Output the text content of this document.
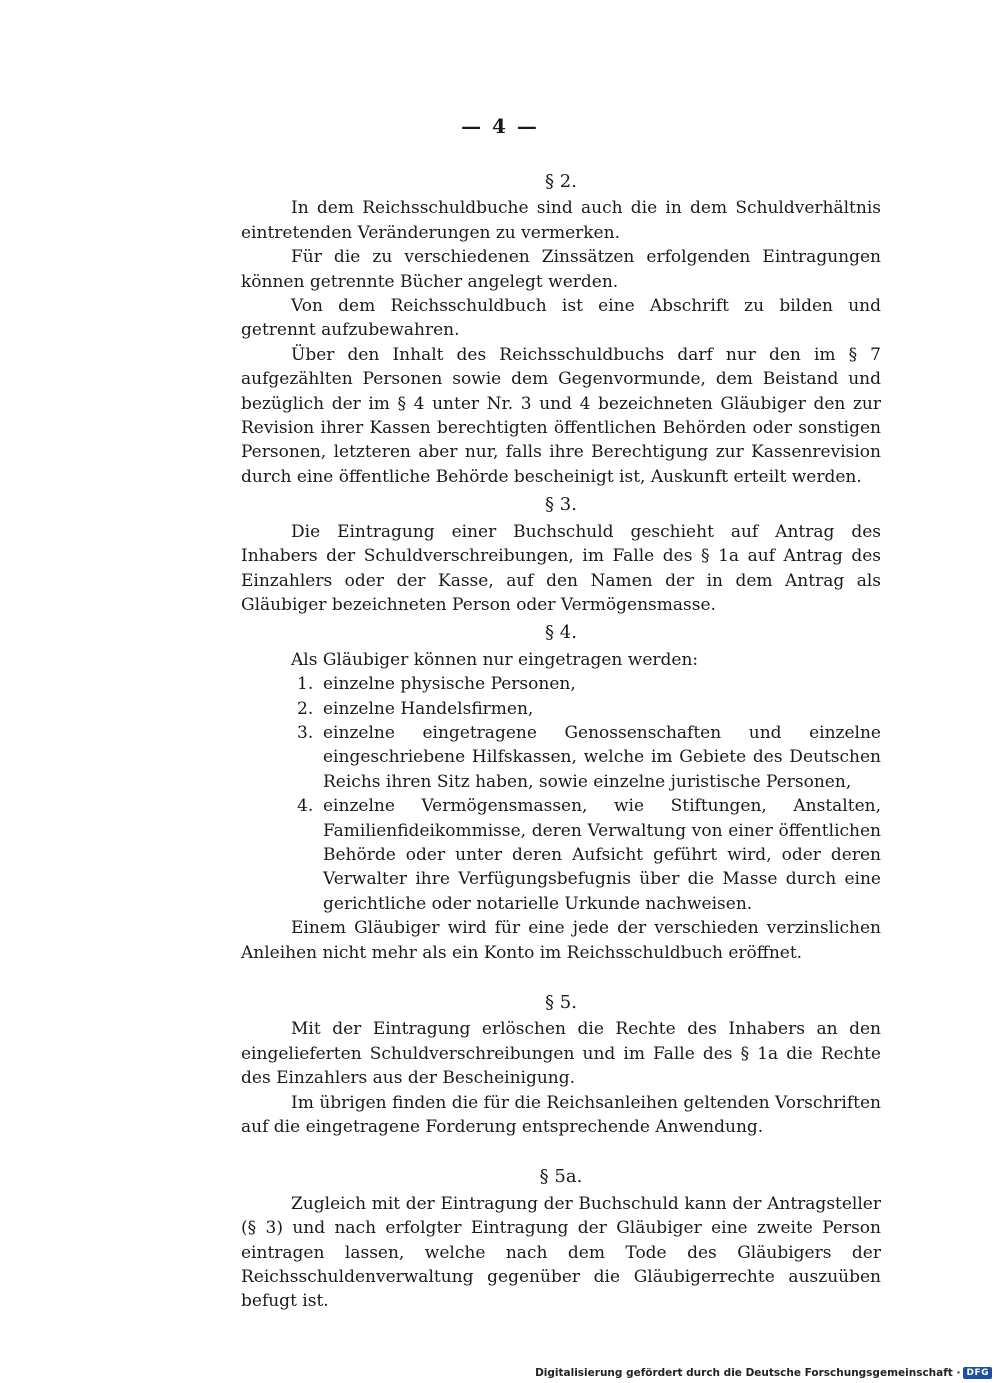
— 4 —
§ 2.

In dem Reichsschuldbuche sind auch die in dem Schuldverhältnis eintretenden Veränderungen zu vermerken.

Für die zu verschiedenen Zinssätzen erfolgenden Eintragungen können getrennte Bücher angelegt werden.

Von dem Reichsschuldbuch ist eine Abschrift zu bilden und getrennt aufzubewahren.

Über den Inhalt des Reichsschuldbuchs darf nur den im § 7 aufgezählten Personen sowie dem Gegenvormunde, dem Beistand und bezüglich der im § 4 unter Nr. 3 und 4 bezeichneten Gläubiger den zur Revision ihrer Kassen berechtigten öffentlichen Behörden oder sonstigen Personen, letzteren aber nur, falls ihre Berechtigung zur Kassenrevision durch eine öffentliche Behörde bescheinigt ist, Auskunft erteilt werden.

§ 3.

Die Eintragung einer Buchschuld geschieht auf Antrag des Inhabers der Schuldverschreibungen, im Falle des § 1a auf Antrag des Einzahlers oder der Kasse, auf den Namen der in dem Antrag als Gläubiger bezeichneten Person oder Vermögensmasse.

§ 4.

Als Gläubiger können nur eingetragen werden:

1. einzelne physische Personen,
2. einzelne Handelsfirmen,
3. einzelne eingetragene Genossenschaften und einzelne eingeschriebene Hilfskassen, welche im Gebiete des Deutschen Reichs ihren Sitz haben, sowie einzelne juristische Personen,
4. einzelne Vermögensmassen, wie Stiftungen, Anstalten, Familienfideikommisse, deren Verwaltung von einer öffentlichen Behörde oder unter deren Aufsicht geführt wird, oder deren Verwalter ihre Verfügungsbefugnis über die Masse durch eine gerichtliche oder notarielle Urkunde nachweisen.

Einem Gläubiger wird für eine jede der verschieden verzinslichen Anleihen nicht mehr als ein Konto im Reichsschuldbuch eröffnet.

§ 5.

Mit der Eintragung erlöschen die Rechte des Inhabers an den eingelieferten Schuldverschreibungen und im Falle des § 1a die Rechte des Einzahlers aus der Bescheinigung.

Im übrigen finden die für die Reichsanleihen geltenden Vorschriften auf die eingetragene Forderung entsprechende Anwendung.

§ 5a.

Zugleich mit der Eintragung der Buchschuld kann der Antragsteller (§ 3) und nach erfolgter Eintragung der Gläubiger eine zweite Person eintragen lassen, welche nach dem Tode des Gläubigers der Reichsschuldenverwaltung gegenüber die Gläubigerrechte auszuüben befugt ist.

Digitalisierung gefördert durch die Deutsche Forschungsgemeinschaft · DFG
